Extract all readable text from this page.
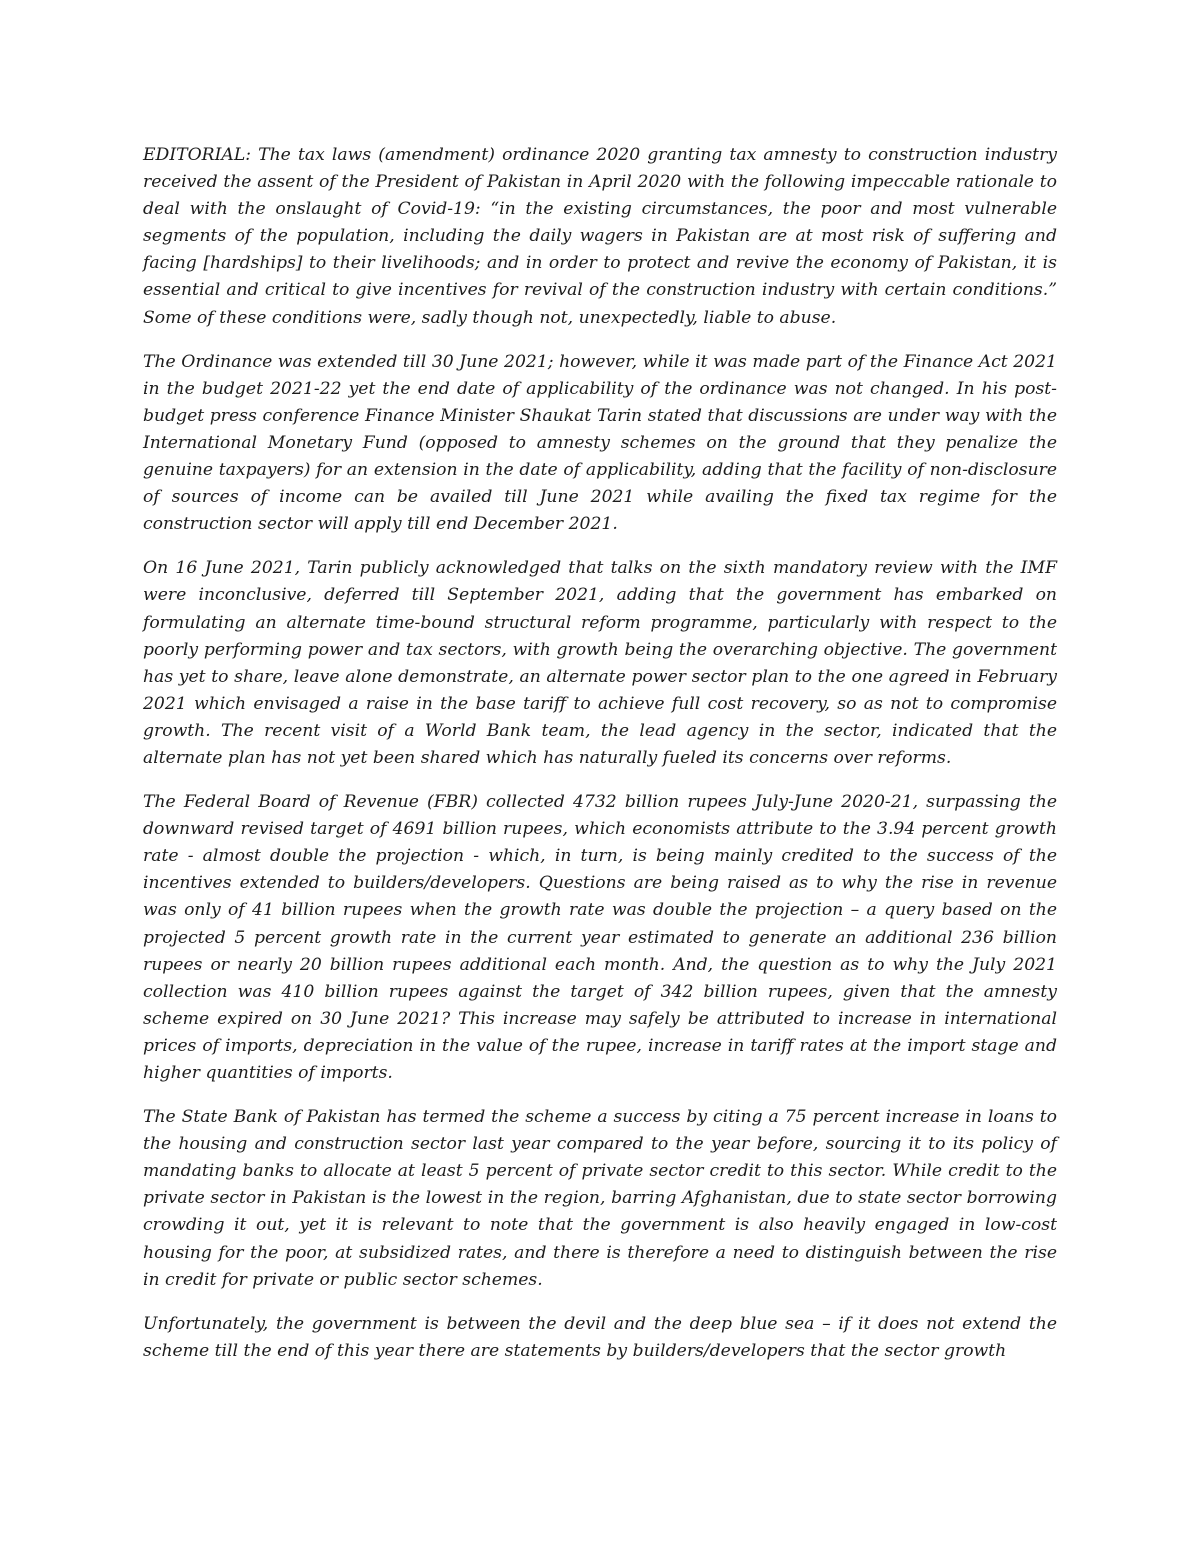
EDITORIAL: The tax laws (amendment) ordinance 2020 granting tax amnesty to construction industry received the assent of the President of Pakistan in April 2020 with the following impeccable rationale to deal with the onslaught of Covid-19: “in the existing circumstances, the poor and most vulnerable segments of the population, including the daily wagers in Pakistan are at most risk of suffering and facing [hardships] to their livelihoods; and in order to protect and revive the economy of Pakistan, it is essential and critical to give incentives for revival of the construction industry with certain conditions.” Some of these conditions were, sadly though not, unexpectedly, liable to abuse.

The Ordinance was extended till 30 June 2021; however, while it was made part of the Finance Act 2021 in the budget 2021-22 yet the end date of applicability of the ordinance was not changed. In his post-budget press conference Finance Minister Shaukat Tarin stated that discussions are under way with the International Monetary Fund (opposed to amnesty schemes on the ground that they penalize the genuine taxpayers) for an extension in the date of applicability, adding that the facility of non-disclosure of sources of income can be availed till June 2021 while availing the fixed tax regime for the construction sector will apply till end December 2021.

On 16 June 2021, Tarin publicly acknowledged that talks on the sixth mandatory review with the IMF were inconclusive, deferred till September 2021, adding that the government has embarked on formulating an alternate time-bound structural reform programme, particularly with respect to the poorly performing power and tax sectors, with growth being the overarching objective. The government has yet to share, leave alone demonstrate, an alternate power sector plan to the one agreed in February 2021 which envisaged a raise in the base tariff to achieve full cost recovery, so as not to compromise growth. The recent visit of a World Bank team, the lead agency in the sector, indicated that the alternate plan has not yet been shared which has naturally fueled its concerns over reforms.

The Federal Board of Revenue (FBR) collected 4732 billion rupees July-June 2020-21, surpassing the downward revised target of 4691 billion rupees, which economists attribute to the 3.94 percent growth rate - almost double the projection - which, in turn, is being mainly credited to the success of the incentives extended to builders/developers. Questions are being raised as to why the rise in revenue was only of 41 billion rupees when the growth rate was double the projection – a query based on the projected 5 percent growth rate in the current year estimated to generate an additional 236 billion rupees or nearly 20 billion rupees additional each month. And, the question as to why the July 2021 collection was 410 billion rupees against the target of 342 billion rupees, given that the amnesty scheme expired on 30 June 2021? This increase may safely be attributed to increase in international prices of imports, depreciation in the value of the rupee, increase in tariff rates at the import stage and higher quantities of imports.

The State Bank of Pakistan has termed the scheme a success by citing a 75 percent increase in loans to the housing and construction sector last year compared to the year before, sourcing it to its policy of mandating banks to allocate at least 5 percent of private sector credit to this sector. While credit to the private sector in Pakistan is the lowest in the region, barring Afghanistan, due to state sector borrowing crowding it out, yet it is relevant to note that the government is also heavily engaged in low-cost housing for the poor, at subsidized rates, and there is therefore a need to distinguish between the rise in credit for private or public sector schemes.

Unfortunately, the government is between the devil and the deep blue sea – if it does not extend the scheme till the end of this year there are statements by builders/developers that the sector growth
